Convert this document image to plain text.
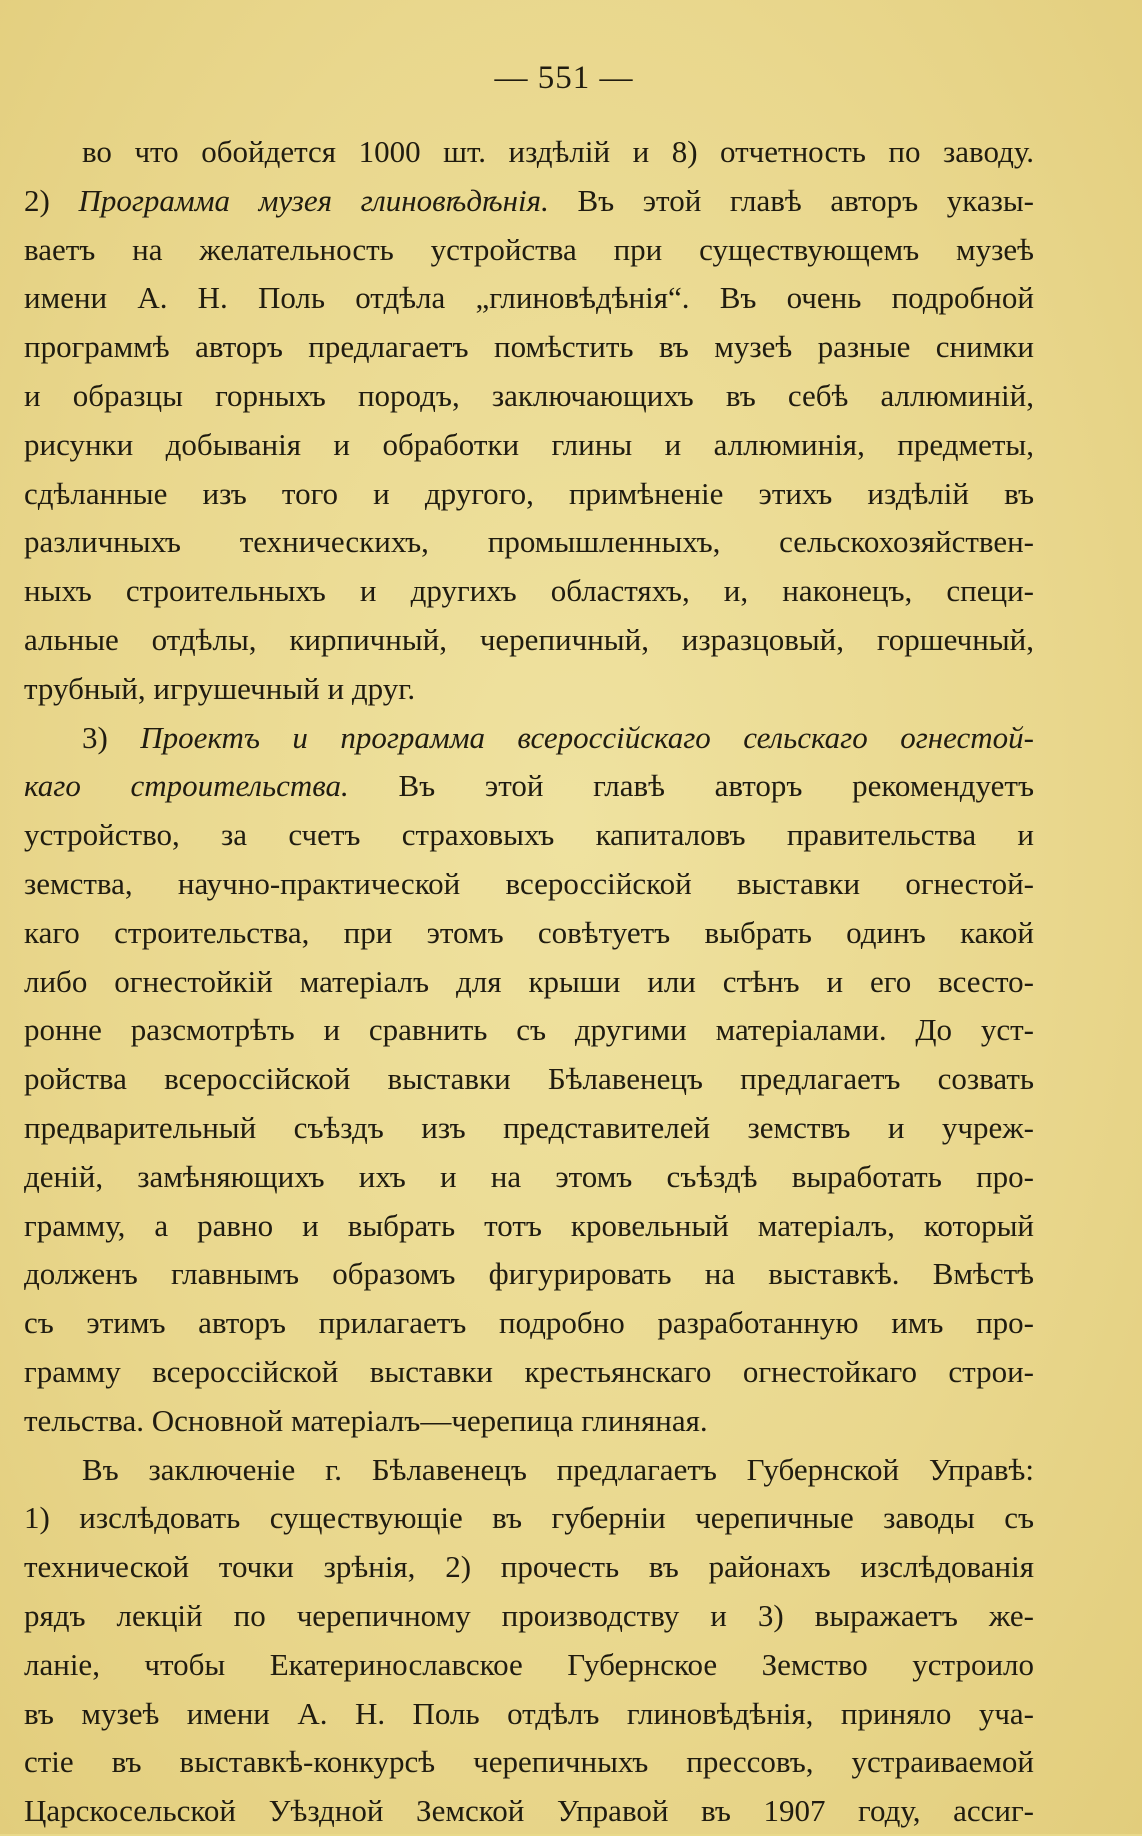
— 551 —
во что обойдется 1000 шт. издѣлій и 8) отчетность по заводу.
2) Программа музея глиновѣдѣнія. Въ этой главѣ авторъ указы-
ваетъ на желательность устройства при существующемъ музеѣ
имени А. Н. Поль отдѣла „глиновѣдѣнія“. Въ очень подробной
программѣ авторъ предлагаетъ помѣстить въ музеѣ разные снимки
и образцы горныхъ породъ, заключающихъ въ себѣ аллюминій,
рисунки добыванія и обработки глины и аллюминія, предметы,
сдѣланные изъ того и другого, примѣненіе этихъ издѣлій въ
различныхъ техническихъ, промышленныхъ, сельскохозяйствен-
ныхъ строительныхъ и другихъ областяхъ, и, наконецъ, специ-
альные отдѣлы, кирпичный, черепичный, изразцовый, горшечный,
трубный, игрушечный и друг.
3) Проектъ и программа всероссійскаго сельскаго огнестой-
каго строительства. Въ этой главѣ авторъ рекомендуетъ
устройство, за счетъ страховыхъ капиталовъ правительства и
земства, научно-практической всероссійской выставки огнестой-
каго строительства, при этомъ совѣтуетъ выбрать одинъ какой
либо огнестойкій матеріалъ для крыши или стѣнъ и его всесто-
ронне разсмотрѣть и сравнить съ другими матеріалами. До уст-
ройства всероссійской выставки Бѣлавенецъ предлагаетъ созвать
предварительный съѣздъ изъ представителей земствъ и учреж-
деній, замѣняющихъ ихъ и на этомъ съѣздѣ выработать про-
грамму, а равно и выбрать тотъ кровельный матеріалъ, который
долженъ главнымъ образомъ фигурировать на выставкѣ. Вмѣстѣ
съ этимъ авторъ прилагаетъ подробно разработанную имъ про-
грамму всероссійской выставки крестьянскаго огнестойкаго строи-
тельства. Основной матеріалъ—черепица глиняная.
Въ заключеніе г. Бѣлавенецъ предлагаетъ Губернской Управѣ:
1) изслѣдовать существующіе въ губерніи черепичные заводы съ
технической точки зрѣнія, 2) прочесть въ районахъ изслѣдованія
рядъ лекцій по черепичному производству и 3) выражаетъ же-
ланіе, чтобы Екатеринославское Губернское Земство устроило
въ музеѣ имени А. Н. Поль отдѣлъ глиновѣдѣнія, приняло уча-
стіе въ выставкѣ-конкурсѣ черепичныхъ прессовъ, устраиваемой
Царскосельской Уѣздной Земской Управой въ 1907 году, ассиг-
